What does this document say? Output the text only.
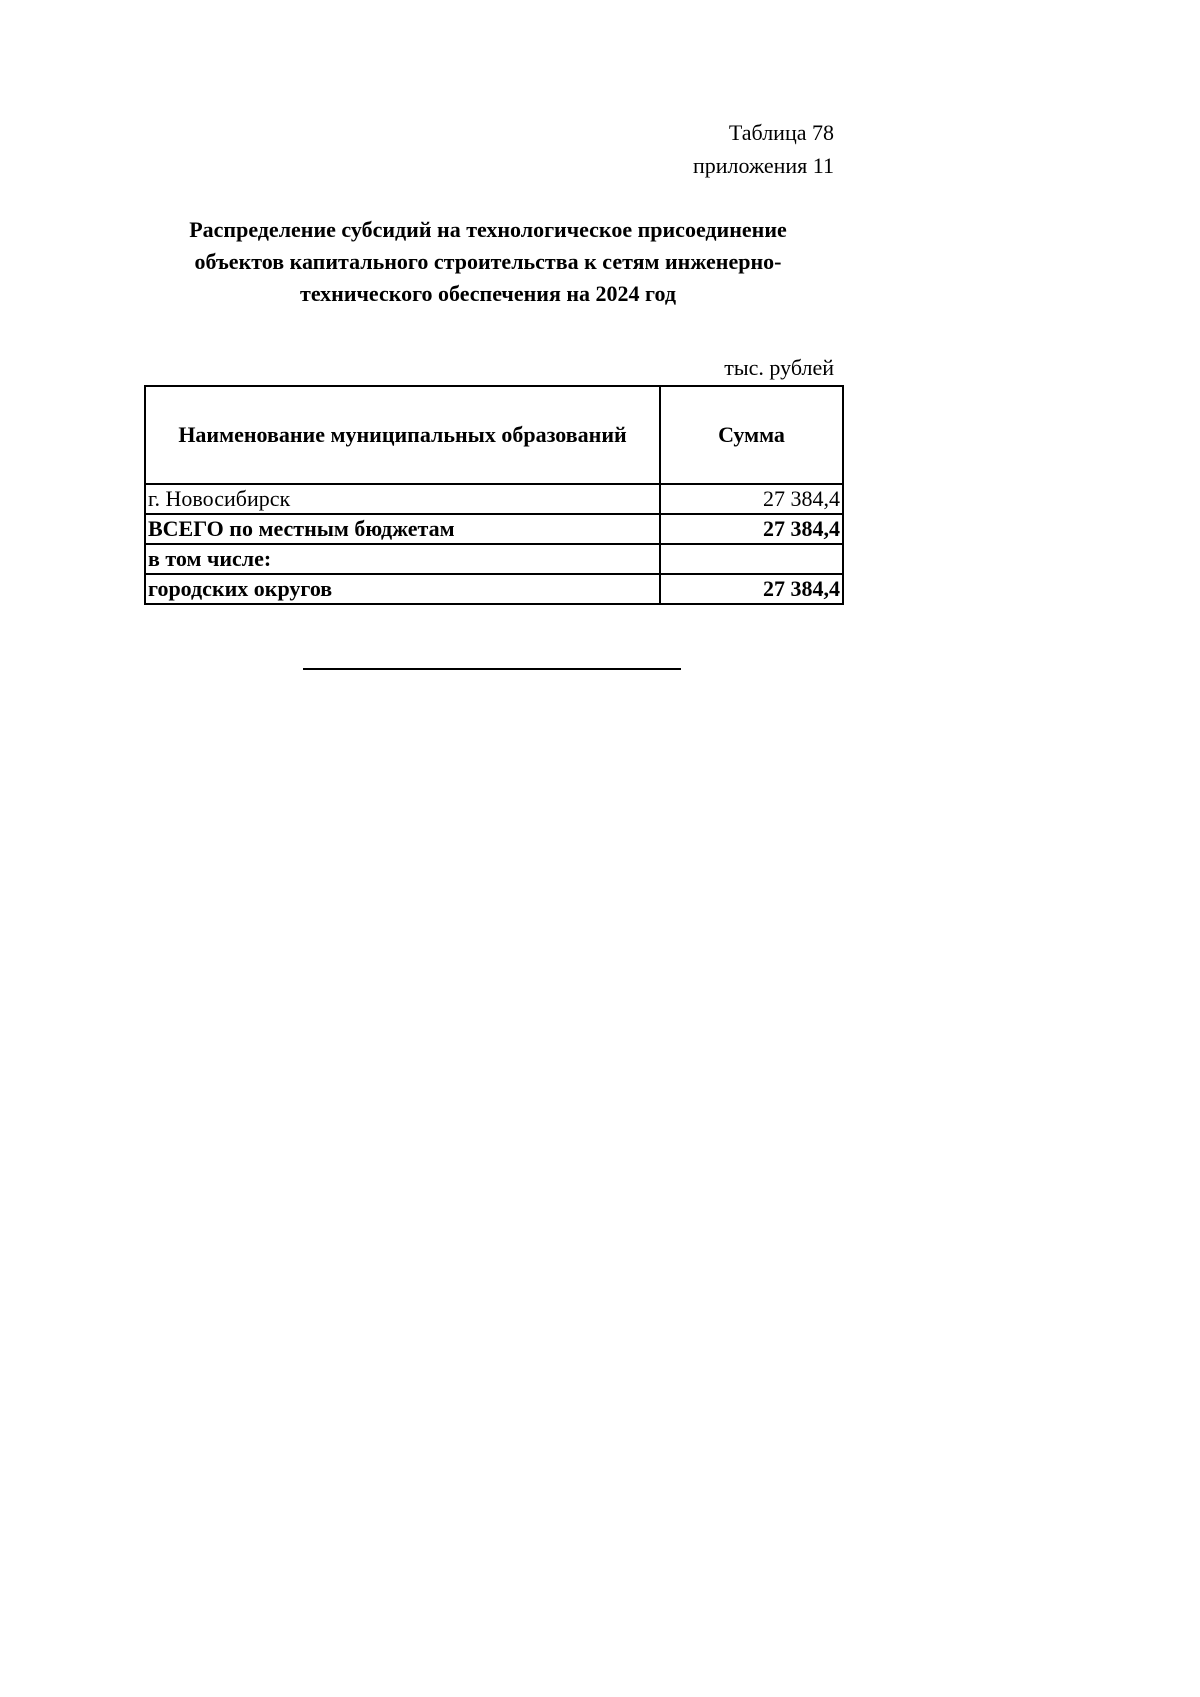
Таблица 78
приложения 11
Распределение субсидий на технологическое присоединение
объектов капитального строительства к сетям инженерно-
технического обеспечения на 2024 год
тыс. рублей
Наименование муниципальных образований	Сумма
г. Новосибирск	27 384,4
ВСЕГО по местным бюджетам	27 384,4
в том числе:	
городских округов	27 384,4
